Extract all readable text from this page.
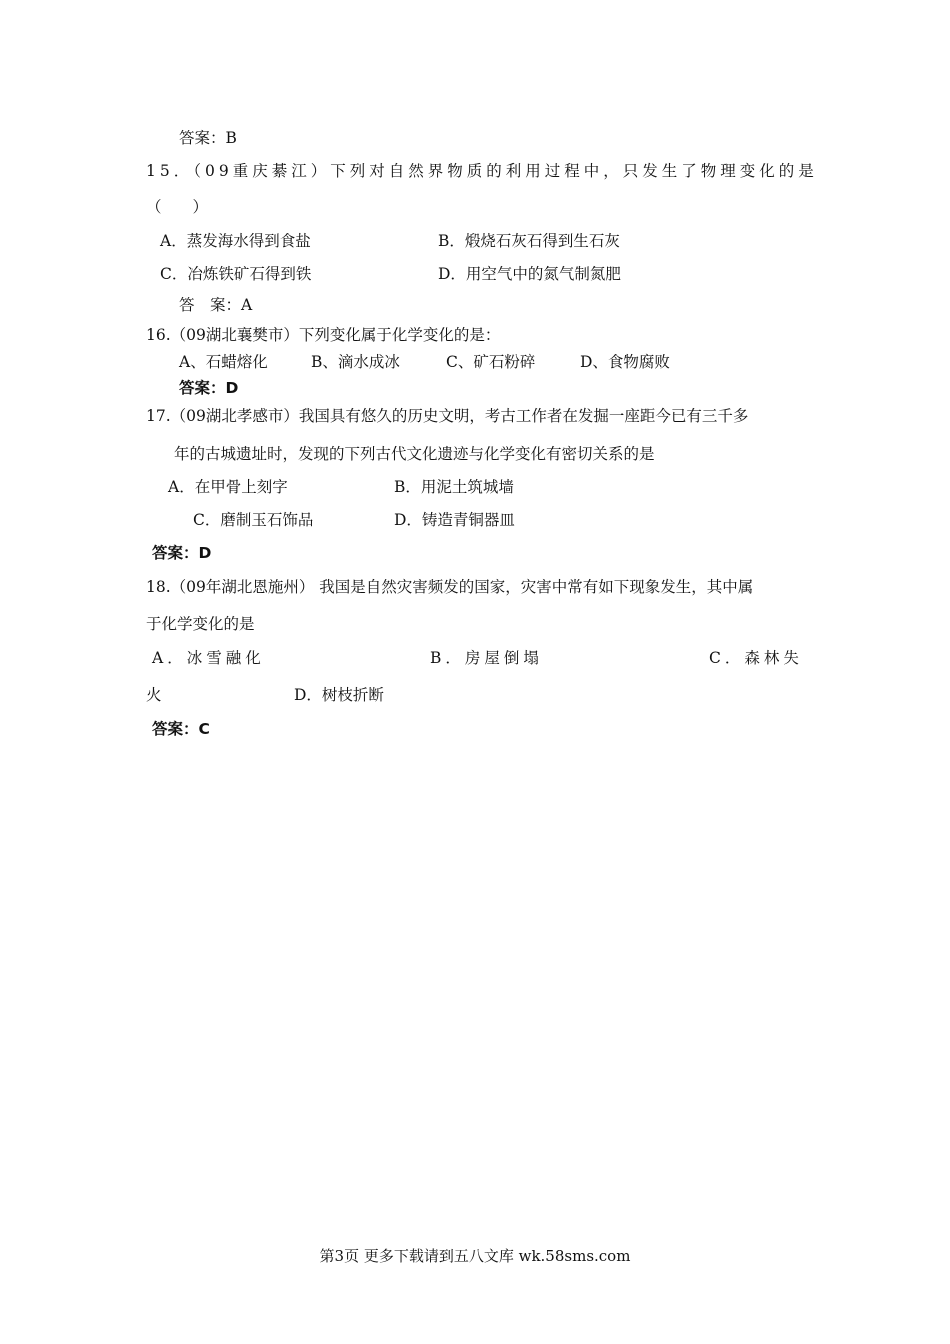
答案：B
15．（09重庆綦江）下列对自然界物质的利用过程中，只发生了物理变化的是
（　　）
A．蒸发海水得到食盐	B．煅烧石灰石得到生石灰
C．冶炼铁矿石得到铁	D．用空气中的氮气制氮肥
答　案：A
16.（09湖北襄樊市）下列变化属于化学变化的是：
A、石蜡熔化	B、滴水成冰	C、矿石粉碎	D、食物腐败
答案：D
17.（09湖北孝感市）我国具有悠久的历史文明，考古工作者在发掘一座距今已有三千多
年的古城遗址时，发现的下列古代文化遗迹与化学变化有密切关系的是
A．在甲骨上刻字	B．用泥土筑城墙
C．磨制玉石饰品	D．铸造青铜器皿
答案：D
18.（09年湖北恩施州） 我国是自然灾害频发的国家，灾害中常有如下现象发生，其中属
于化学变化的是
A．冰雪融化	B．房屋倒塌	C．森林失
火	D．树枝折断
答案：C
第3页 更多下载请到五八文库 wk.58sms.com
